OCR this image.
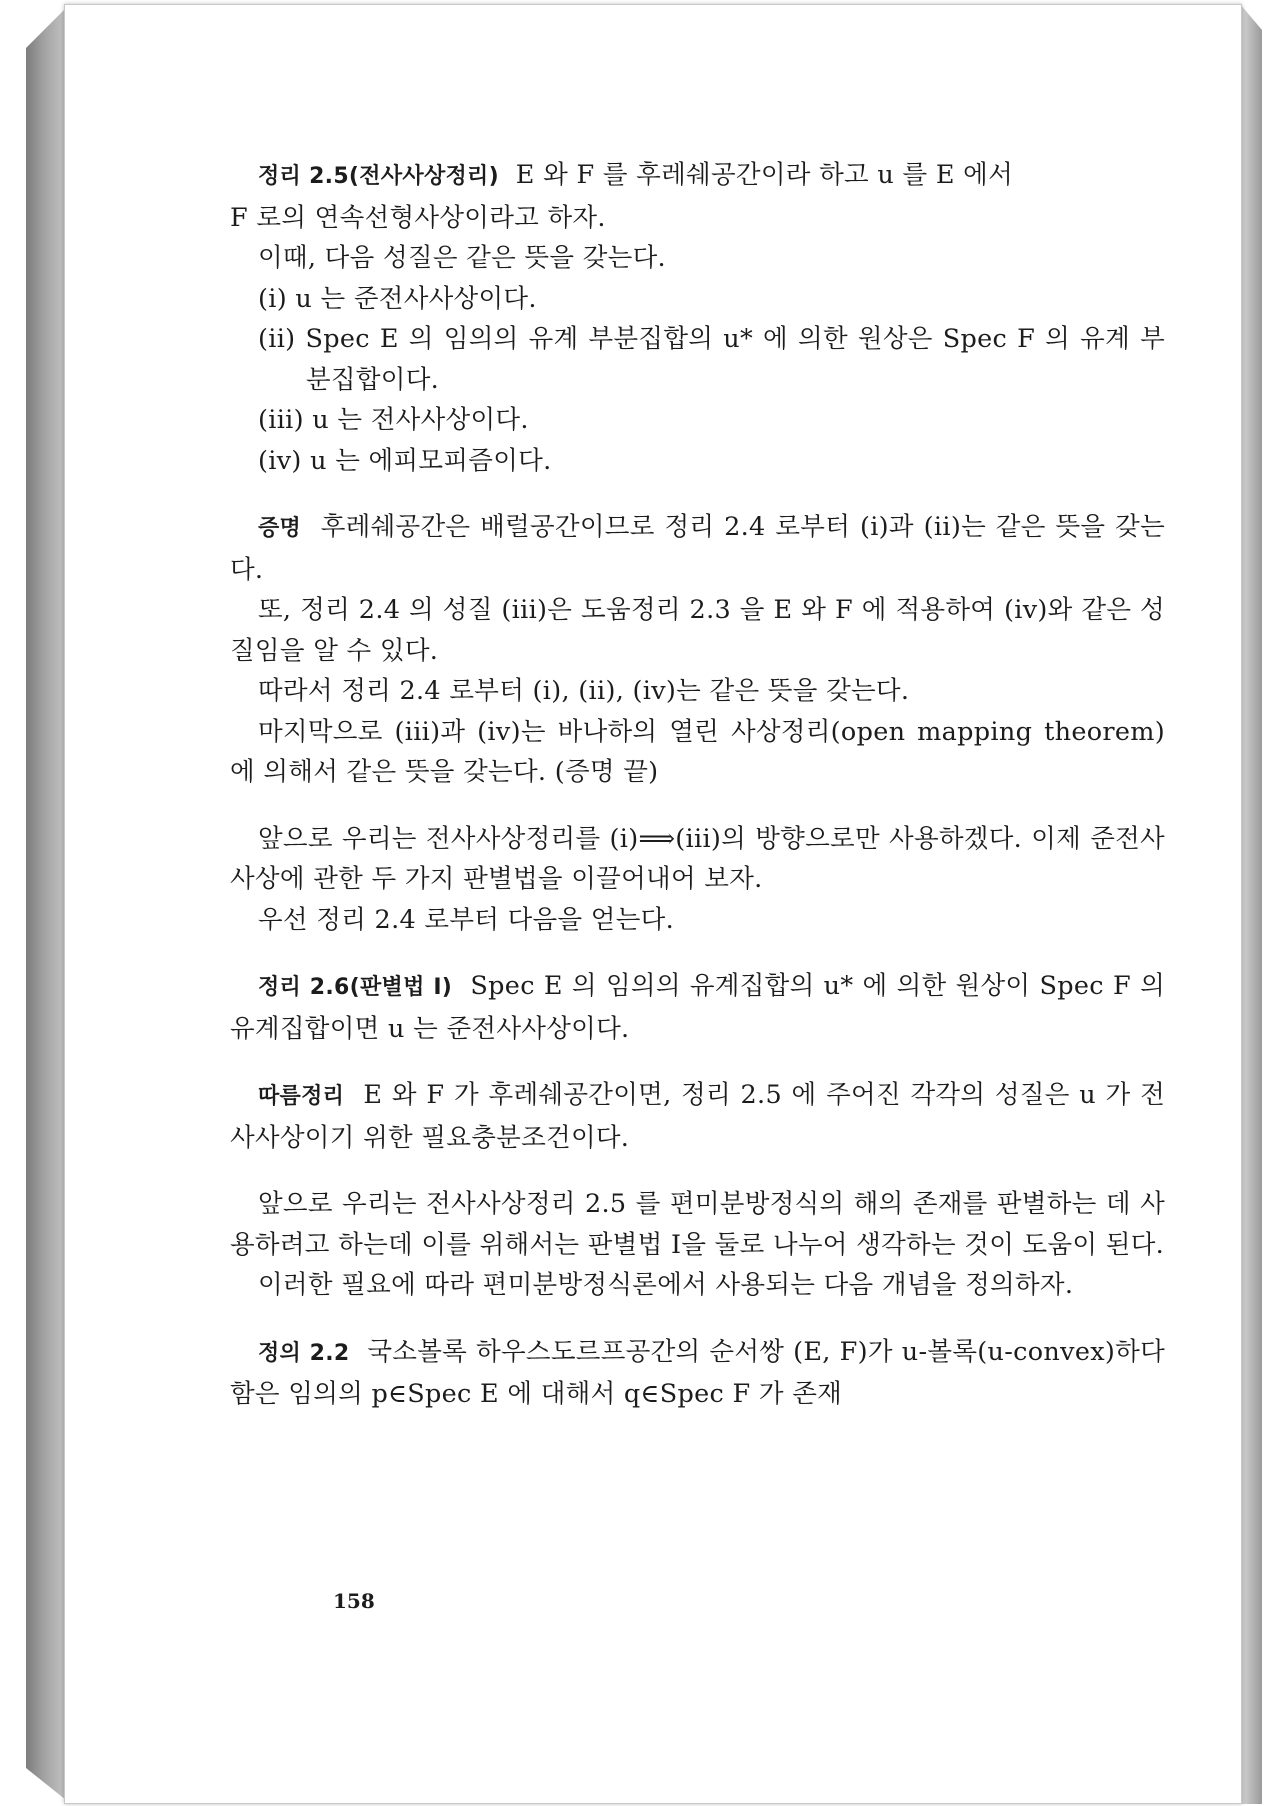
정리 2.5(전사사상정리) E 와 F 를 후레쉐공간이라 하고 u 를 E 에서

F 로의 연속선형사상이라고 하자.

이때, 다음 성질은 같은 뜻을 갖는다.

(i) u 는 준전사사상이다.

(ii) Spec E 의 임의의 유계 부분집합의 u* 에 의한 원상은 Spec F 의 유계 부분집합이다.

(iii) u 는 전사사상이다.

(iv) u 는 에피모피즘이다.

증명 후레쉐공간은 배럴공간이므로 정리 2.4 로부터 (i)과 (ii)는 같은 뜻을 갖는다.

또, 정리 2.4 의 성질 (iii)은 도움정리 2.3 을 E 와 F 에 적용하여 (iv)와 같은 성질임을 알 수 있다.

따라서 정리 2.4 로부터 (i), (ii), (iv)는 같은 뜻을 갖는다.

마지막으로 (iii)과 (iv)는 바나하의 열린 사상정리(open mapping theorem)에 의해서 같은 뜻을 갖는다. (증명 끝)

앞으로 우리는 전사사상정리를 (i)⟹(iii)의 방향으로만 사용하겠다. 이제 준전사사상에 관한 두 가지 판별법을 이끌어내어 보자.

우선 정리 2.4 로부터 다음을 얻는다.

정리 2.6(판별법 I) Spec E 의 임의의 유계집합의 u* 에 의한 원상이 Spec F 의 유계집합이면 u 는 준전사사상이다.

따름정리 E 와 F 가 후레쉐공간이면, 정리 2.5 에 주어진 각각의 성질은 u 가 전사사상이기 위한 필요충분조건이다.

앞으로 우리는 전사사상정리 2.5 를 편미분방정식의 해의 존재를 판별하는 데 사용하려고 하는데 이를 위해서는 판별법 I을 둘로 나누어 생각하는 것이 도움이 된다.

이러한 필요에 따라 편미분방정식론에서 사용되는 다음 개념을 정의하자.

정의 2.2 국소볼록 하우스도르프공간의 순서쌍 (E, F)가 u-볼록(u-convex)하다 함은 임의의 p∈Spec E 에 대해서 q∈Spec F 가 존재

158
